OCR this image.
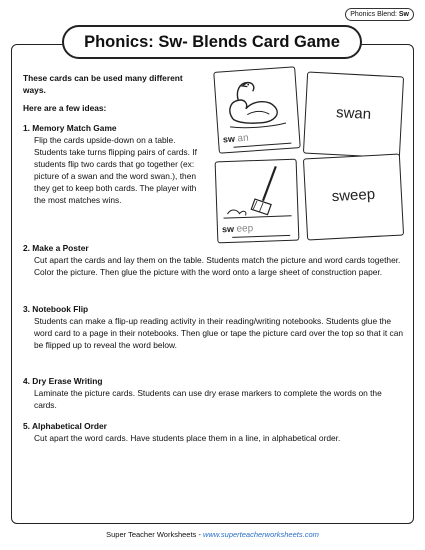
Phonics Blend: Sw
Phonics: Sw- Blends Card Game

These cards can be used many different ways.

Here are a few ideas:

1. Memory Match Game
Flip the cards upside-down on a table. Students take turns flipping pairs of cards. If students flip two cards that go together (ex: picture of a swan and the word swan.), then they get to keep both cards. The player with the most matches wins.
2. Make a Poster
Cut apart the cards and lay them on the table. Students match the picture and word cards together. Color the picture. Then glue the picture with the word onto a large sheet of construction paper.
3. Notebook Flip
Students can make a flip-up reading activity in their reading/writing notebooks. Students glue the word card to a page in their notebooks. Then glue or tape the picture card over the top so that it can be flipped up to reveal the word below.
4. Dry Erase Writing
Laminate the picture cards. Students can use dry erase markers to complete the words on the cards.
5. Alphabetical Order
Cut apart the word cards. Have students place them in a line, in alphabetical order.
sw an
swan
sw eep
sweep
Super Teacher Worksheets - www.superteacherworksheets.com
